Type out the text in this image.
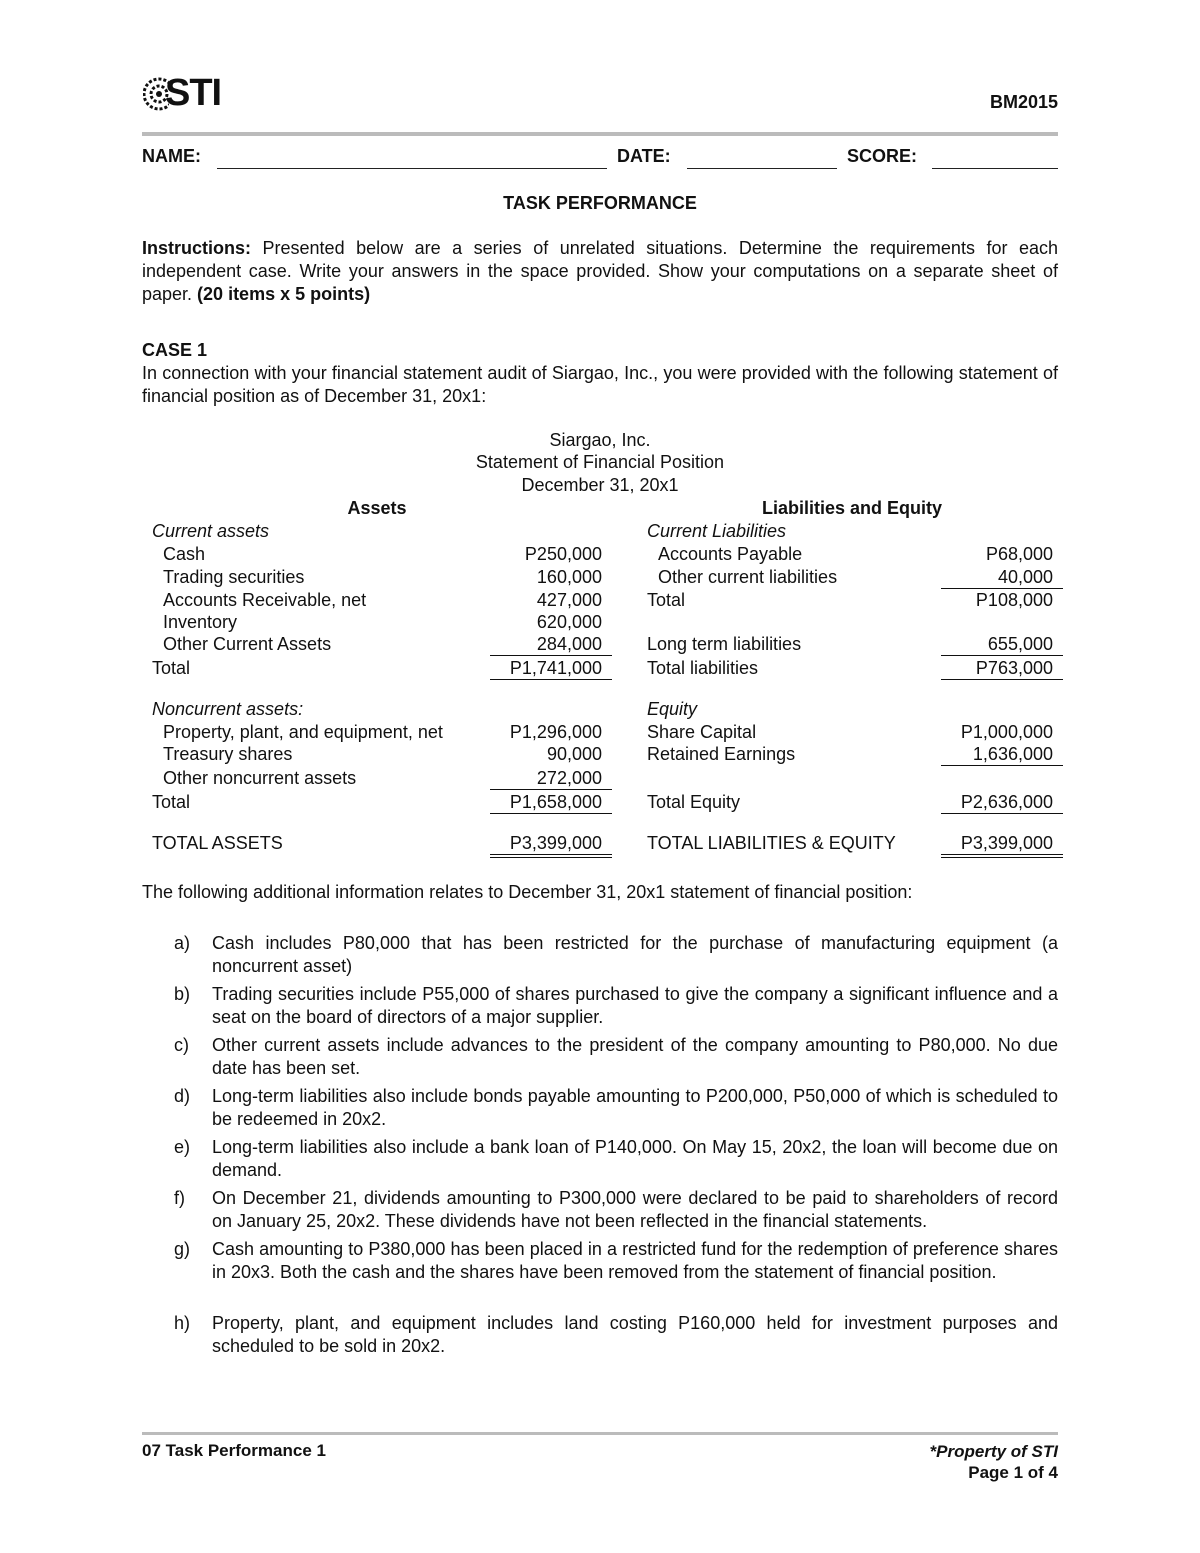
STI	BM2015
NAME:	DATE:	SCORE:
TASK PERFORMANCE
Instructions: Presented below are a series of unrelated situations. Determine the requirements for each independent case. Write your answers in the space provided. Show your computations on a separate sheet of paper. (20 items x 5 points)
CASE 1
In connection with your financial statement audit of Siargao, Inc., you were provided with the following statement of financial position as of December 31, 20x1:
Siargao, Inc.
Statement of Financial Position
December 31, 20x1
Assets
Current assets
Cash	P250,000
Trading securities	160,000
Accounts Receivable, net	427,000
Inventory	620,000
Other Current Assets	284,000
Total	P1,741,000
Noncurrent assets:
Property, plant, and equipment, net	P1,296,000
Treasury shares	90,000
Other noncurrent assets	272,000
Total	P1,658,000
TOTAL ASSETS	P3,399,000
Liabilities and Equity
Current Liabilities
Accounts Payable	P68,000
Other current liabilities	40,000
Total	P108,000
Long term liabilities	655,000
Total liabilities	P763,000
Equity
Share Capital	P1,000,000
Retained Earnings	1,636,000
Total Equity	P2,636,000
TOTAL LIABILITIES & EQUITY	P3,399,000
The following additional information relates to December 31, 20x1 statement of financial position:
a)	Cash includes P80,000 that has been restricted for the purchase of manufacturing equipment (a noncurrent asset)
b)	Trading securities include P55,000 of shares purchased to give the company a significant influence and a seat on the board of directors of a major supplier.
c)	Other current assets include advances to the president of the company amounting to P80,000. No due date has been set.
d)	Long-term liabilities also include bonds payable amounting to P200,000, P50,000 of which is scheduled to be redeemed in 20x2.
e)	Long-term liabilities also include a bank loan of P140,000. On May 15, 20x2, the loan will become due on demand.
f)	On December 21, dividends amounting to P300,000 were declared to be paid to shareholders of record on January 25, 20x2. These dividends have not been reflected in the financial statements.
g)	Cash amounting to P380,000 has been placed in a restricted fund for the redemption of preference shares in 20x3. Both the cash and the shares have been removed from the statement of financial position.
h)	Property, plant, and equipment includes land costing P160,000 held for investment purposes and scheduled to be sold in 20x2.
07 Task Performance 1	*Property of STI
Page 1 of 4
